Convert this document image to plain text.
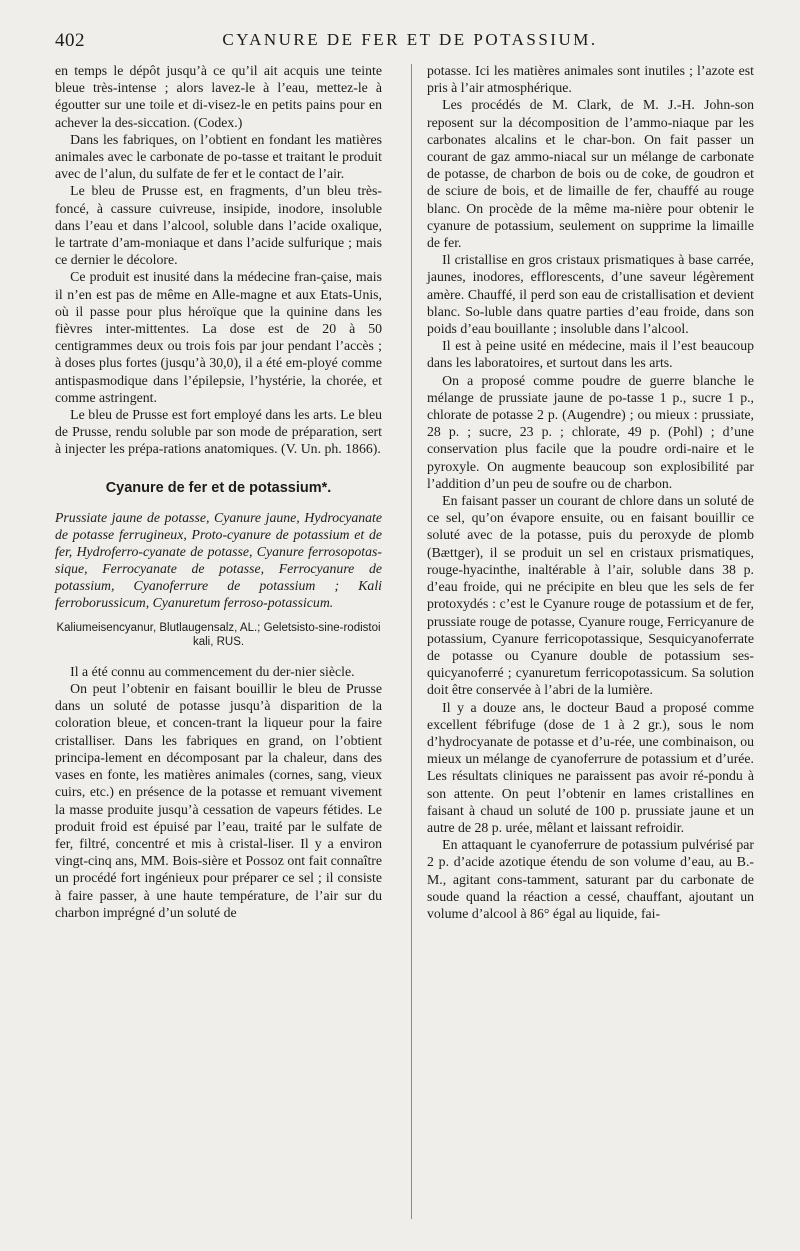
402	CYANURE DE FER ET DE POTASSIUM.

en temps le dépôt jusqu’à ce qu’il ait acquis une teinte bleue très-intense ; alors lavez-le à l’eau, mettez-le à égoutter sur une toile et di-visez-le en petits pains pour en achever la des-siccation. (Codex.)

Dans les fabriques, on l’obtient en fondant les matières animales avec le carbonate de po-tasse et traitant le produit avec de l’alun, du sulfate de fer et le contact de l’air.

Le bleu de Prusse est, en fragments, d’un bleu très-foncé, à cassure cuivreuse, insipide, inodore, insoluble dans l’eau et dans l’alcool, soluble dans l’acide oxalique, le tartrate d’am-moniaque et dans l’acide sulfurique ; mais ce dernier le décolore.

Ce produit est inusité dans la médecine fran-çaise, mais il n’en est pas de même en Alle-magne et aux Etats-Unis, où il passe pour plus héroïque que la quinine dans les fièvres inter-mittentes. La dose est de 20 à 50 centigrammes deux ou trois fois par jour pendant l’accès ; à doses plus fortes (jusqu’à 30,0), il a été em-ployé comme antispasmodique dans l’épilepsie, l’hystérie, la chorée, et comme astringent.

Le bleu de Prusse est fort employé dans les arts. Le bleu de Prusse, rendu soluble par son mode de préparation, sert à injecter les prépa-rations anatomiques. (V. Un. ph. 1866).

Cyanure de fer et de potassium*.

Prussiate jaune de potasse, Cyanure jaune, Hydrocyanate de potasse ferrugineux, Proto-cyanure de potassium et de fer, Hydroferro-cyanate de potasse, Cyanure ferrosopotas-sique, Ferrocyanate de potasse, Ferrocyanure de potassium, Cyanoferrure de potassium ; Kali ferroborussicum, Cyanuretum ferroso-potassicum.

Kaliumeisencyanur, Blutlaugensalz, AL.; Geletsisto-sine-rodistoi kali, RUS.

Il a été connu au commencement du der-nier siècle.

On peut l’obtenir en faisant bouillir le bleu de Prusse dans un soluté de potasse jusqu’à disparition de la coloration bleue, et concen-trant la liqueur pour la faire cristalliser. Dans les fabriques en grand, on l’obtient principa-lement en décomposant par la chaleur, dans des vases en fonte, les matières animales (cornes, sang, vieux cuirs, etc.) en présence de la potasse et remuant vivement la masse produite jusqu’à cessation de vapeurs fétides. Le produit froid est épuisé par l’eau, traité par le sulfate de fer, filtré, concentré et mis à cristal-liser. Il y a environ vingt-cinq ans, MM. Bois-sière et Possoz ont fait connaître un procédé fort ingénieux pour préparer ce sel ; il consiste à faire passer, à une haute température, de l’air sur du charbon imprégné d’un soluté de

potasse. Ici les matières animales sont inutiles ; l’azote est pris à l’air atmosphérique.

Les procédés de M. Clark, de M. J.-H. John-son reposent sur la décomposition de l’ammo-niaque par les carbonates alcalins et le char-bon. On fait passer un courant de gaz ammo-niacal sur un mélange de carbonate de potasse, de charbon de bois ou de coke, de goudron et de sciure de bois, et de limaille de fer, chauffé au rouge blanc. On procède de la même ma-nière pour obtenir le cyanure de potassium, seulement on supprime la limaille de fer.

Il cristallise en gros cristaux prismatiques à base carrée, jaunes, inodores, efflorescents, d’une saveur légèrement amère. Chauffé, il perd son eau de cristallisation et devient blanc. So-luble dans quatre parties d’eau froide, dans son poids d’eau bouillante ; insoluble dans l’alcool.

Il est à peine usité en médecine, mais il l’est beaucoup dans les laboratoires, et surtout dans les arts.

On a proposé comme poudre de guerre blanche le mélange de prussiate jaune de po-tasse 1 p., sucre 1 p., chlorate de potasse 2 p. (Augendre) ; ou mieux : prussiate, 28 p. ; sucre, 23 p. ; chlorate, 49 p. (Pohl) ; d’une conservation plus facile que la poudre ordi-naire et le pyroxyle. On augmente beaucoup son explosibilité par l’addition d’un peu de soufre ou de charbon.

En faisant passer un courant de chlore dans un soluté de ce sel, qu’on évapore ensuite, ou en faisant bouillir ce soluté avec de la potasse, puis du peroxyde de plomb (Bættger), il se produit un sel en cristaux prismatiques, rouge-hyacinthe, inaltérable à l’air, soluble dans 38 p. d’eau froide, qui ne précipite en bleu que les sels de fer protoxydés : c’est le Cyanure rouge de potassium et de fer, prussiate rouge de potasse, Cyanure rouge, Ferricyanure de potassium, Cyanure ferricopotassique, Sesquicyanoferrate de potasse ou Cyanure double de potassium ses-quicyanoferré ; cyanuretum ferricopotassicum. Sa solution doit être conservée à l’abri de la lumière.

Il y a douze ans, le docteur Baud a proposé comme excellent fébrifuge (dose de 1 à 2 gr.), sous le nom d’hydrocyanate de potasse et d’u-rée, une combinaison, ou mieux un mélange de cyanoferrure de potassium et d’urée. Les résultats cliniques ne paraissent pas avoir ré-pondu à son attente. On peut l’obtenir en lames cristallines en faisant à chaud un soluté de 100 p. prussiate jaune et un autre de 28 p. urée, mêlant et laissant refroidir.

En attaquant le cyanoferrure de potassium pulvérisé par 2 p. d’acide azotique étendu de son volume d’eau, au B.-M., agitant cons-tamment, saturant par du carbonate de soude quand la réaction a cessé, chauffant, ajoutant un volume d’alcool à 86° égal au liquide, fai-
